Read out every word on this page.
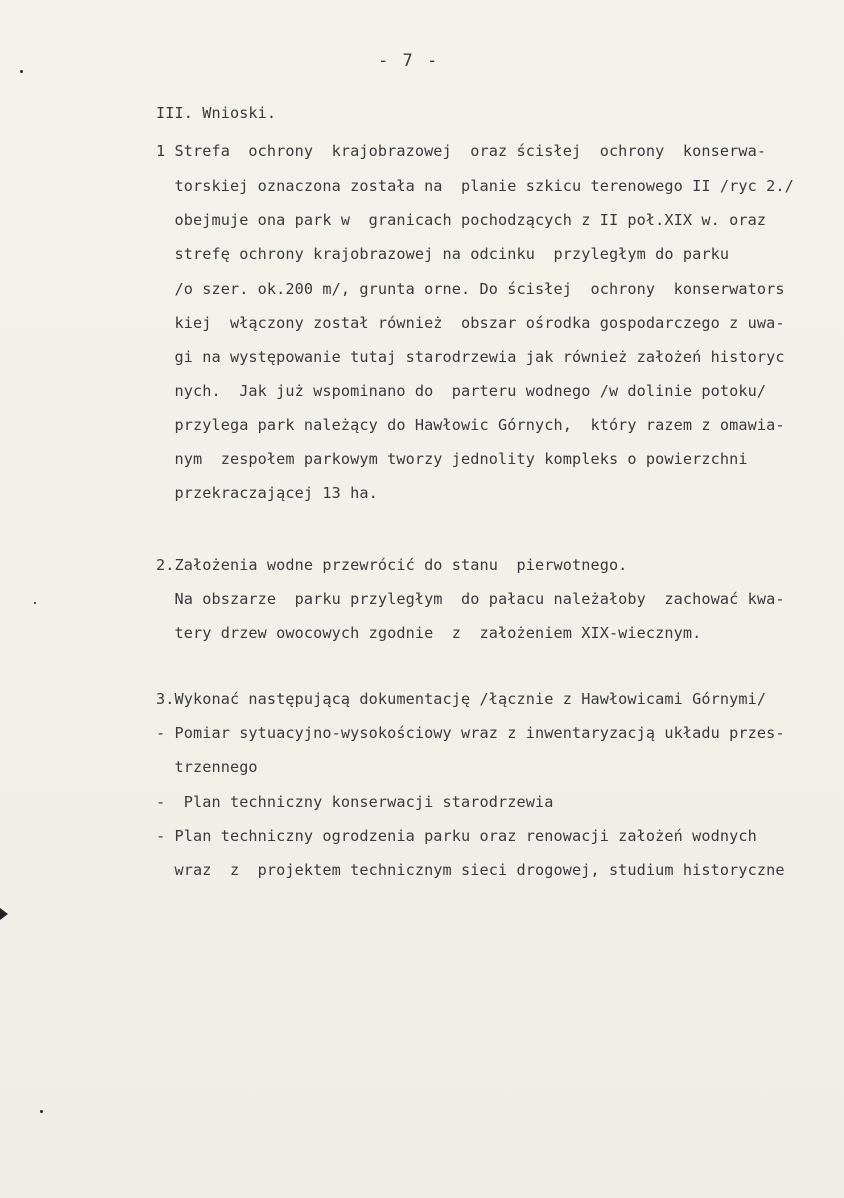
- 7 -
III. Wnioski.
1 Strefa  ochrony  krajobrazowej  oraz ścisłej  ochrony  konserwa-
torskiej oznaczona została na  planie szkicu terenowego II /ryc 2./
obejmuje ona park w  granicach pochodzących z II poł.XIX w. oraz
strefę ochrony krajobrazowej na odcinku  przyległym do parku
/o szer. ok.200 m/, grunta orne. Do ścisłej  ochrony  konserwators
kiej  włączony został również  obszar ośrodka gospodarczego z uwa-
gi na występowanie tutaj starodrzewia jak również założeń historyc
nych.  Jak już wspominano do  parteru wodnego /w dolinie potoku/
przylega park należący do Hawłowic Górnych,  który razem z omawia-
nym  zespołem parkowym tworzy jednolity kompleks o powierzchni
przekraczającej 13 ha.
2.Założenia wodne przewrócić do stanu  pierwotnego.
Na obszarze  parku przyległym  do pałacu należałoby  zachować kwa-
tery drzew owocowych zgodnie  z  założeniem XIX-wiecznym.
3.Wykonać następującą dokumentację /łącznie z Hawłowicami Górnymi/
- Pomiar sytuacyjno-wysokościowy wraz z inwentaryzacją układu przes-
trzennego
-  Plan techniczny konserwacji starodrzewia
- Plan techniczny ogrodzenia parku oraz renowacji założeń wodnych
wraz  z  projektem technicznym sieci drogowej, studium historyczne
